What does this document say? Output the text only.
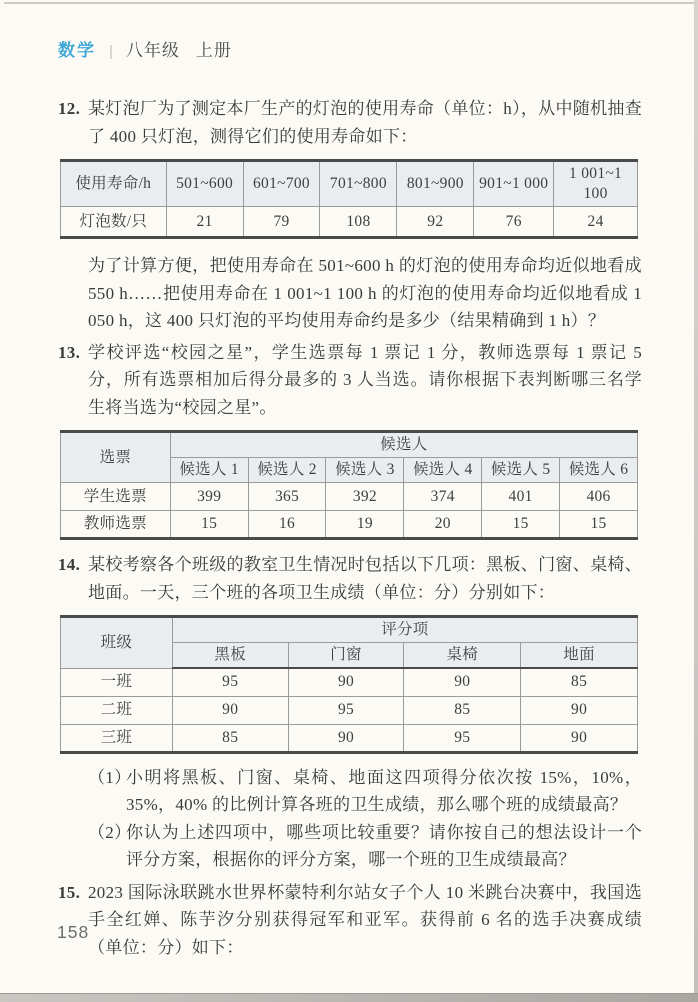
数学 | 八年级 上册
12. 某灯泡厂为了测定本厂生产的灯泡的使用寿命（单位：h），从中随机抽查了 400 只灯泡，测得它们的使用寿命如下：
使用寿命/h	501~600	601~700	701~800	801~900	901~1 000	1 001~1 100
灯泡数/只	21	79	108	92	76	24
为了计算方便，把使用寿命在 501~600 h 的灯泡的使用寿命均近似地看成 550 h……把使用寿命在 1 001~1 100 h 的灯泡的使用寿命均近似地看成 1 050 h，这 400 只灯泡的平均使用寿命约是多少（结果精确到 1 h）？
13. 学校评选“校园之星”，学生选票每 1 票记 1 分，教师选票每 1 票记 5 分，所有选票相加后得分最多的 3 人当选。请你根据下表判断哪三名学生将当选为“校园之星”。
选票	候选人					
	候选人 1	候选人 2	候选人 3	候选人 4	候选人 5	候选人 6
学生选票	399	365	392	374	401	406
教师选票	15	16	19	20	15	15
14. 某校考察各个班级的教室卫生情况时包括以下几项：黑板、门窗、桌椅、地面。一天，三个班的各项卫生成绩（单位：分）分别如下：
班级	评分项			
	黑板	门窗	桌椅	地面
一班	95	90	90	85
二班	90	95	85	90
三班	85	90	95	90
（1）
小明将黑板、门窗、桌椅、地面这四项得分依次按 15%，10%，35%，40% 的比例计算各班的卫生成绩，那么哪个班的成绩最高？
（2）
你认为上述四项中，哪些项比较重要？请你按自己的想法设计一个评分方案，根据你的评分方案，哪一个班的卫生成绩最高？
15. 2023 国际泳联跳水世界杯蒙特利尔站女子个人 10 米跳台决赛中，我国选手全红婵、陈芋汐分别获得冠军和亚军。获得前 6 名的选手决赛成绩（单位：分）如下：
158
